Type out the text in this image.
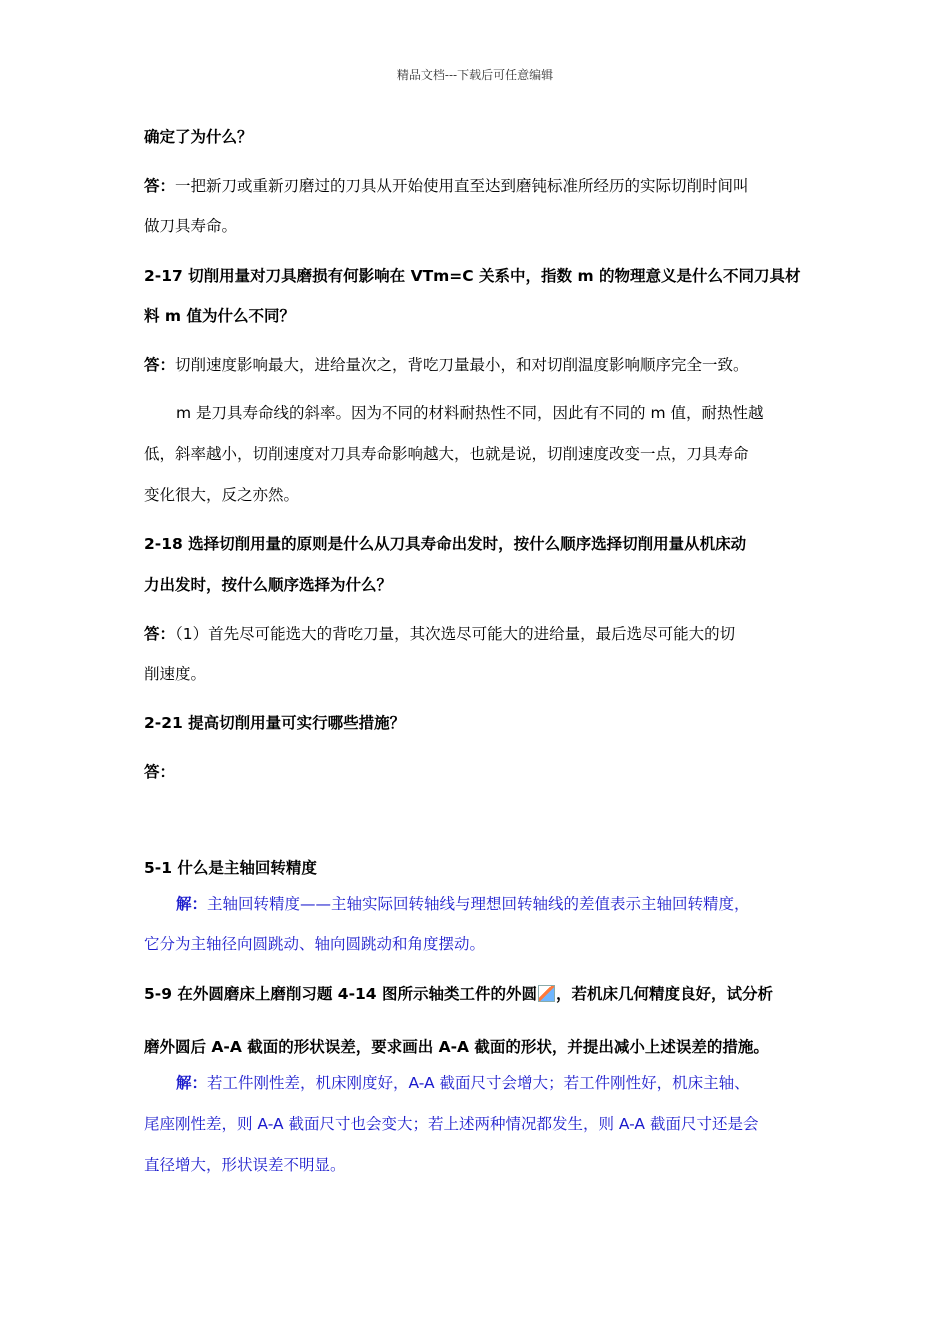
精品文档---下载后可任意编辑
确定了为什么？
答：一把新刀或重新刃磨过的刀具从开始使用直至达到磨钝标准所经历的实际切削时间叫
做刀具寿命。
2-17 切削用量对刀具磨损有何影响在 VTm=C 关系中，指数 m 的物理意义是什么不同刀具材
料 m 值为什么不同？
答：切削速度影响最大，进给量次之，背吃刀量最小，和对切削温度影响顺序完全一致。
m 是刀具寿命线的斜率。因为不同的材料耐热性不同，因此有不同的 m 值，耐热性越
低，斜率越小，切削速度对刀具寿命影响越大，也就是说，切削速度改变一点，刀具寿命
变化很大，反之亦然。
2-18 选择切削用量的原则是什么从刀具寿命出发时，按什么顺序选择切削用量从机床动
力出发时，按什么顺序选择为什么？
答：（1）首先尽可能选大的背吃刀量，其次选尽可能大的进给量，最后选尽可能大的切
削速度。
2-21 提高切削用量可实行哪些措施？
答：
5-1 什么是主轴回转精度
解：主轴回转精度——主轴实际回转轴线与理想回转轴线的差值表示主轴回转精度，
它分为主轴径向圆跳动、轴向圆跳动和角度摆动。
5-9 在外圆磨床上磨削习题 4-14 图所示轴类工件的外圆 ，若机床几何精度良好，试分析
磨外圆后 A-A 截面的形状误差，要求画出 A-A 截面的形状，并提出减小上述误差的措施。
解：若工件刚性差，机床刚度好，A-A 截面尺寸会增大；若工件刚性好，机床主轴、
尾座刚性差，则 A-A 截面尺寸也会变大；若上述两种情况都发生，则 A-A 截面尺寸还是会
直径增大，形状误差不明显。
